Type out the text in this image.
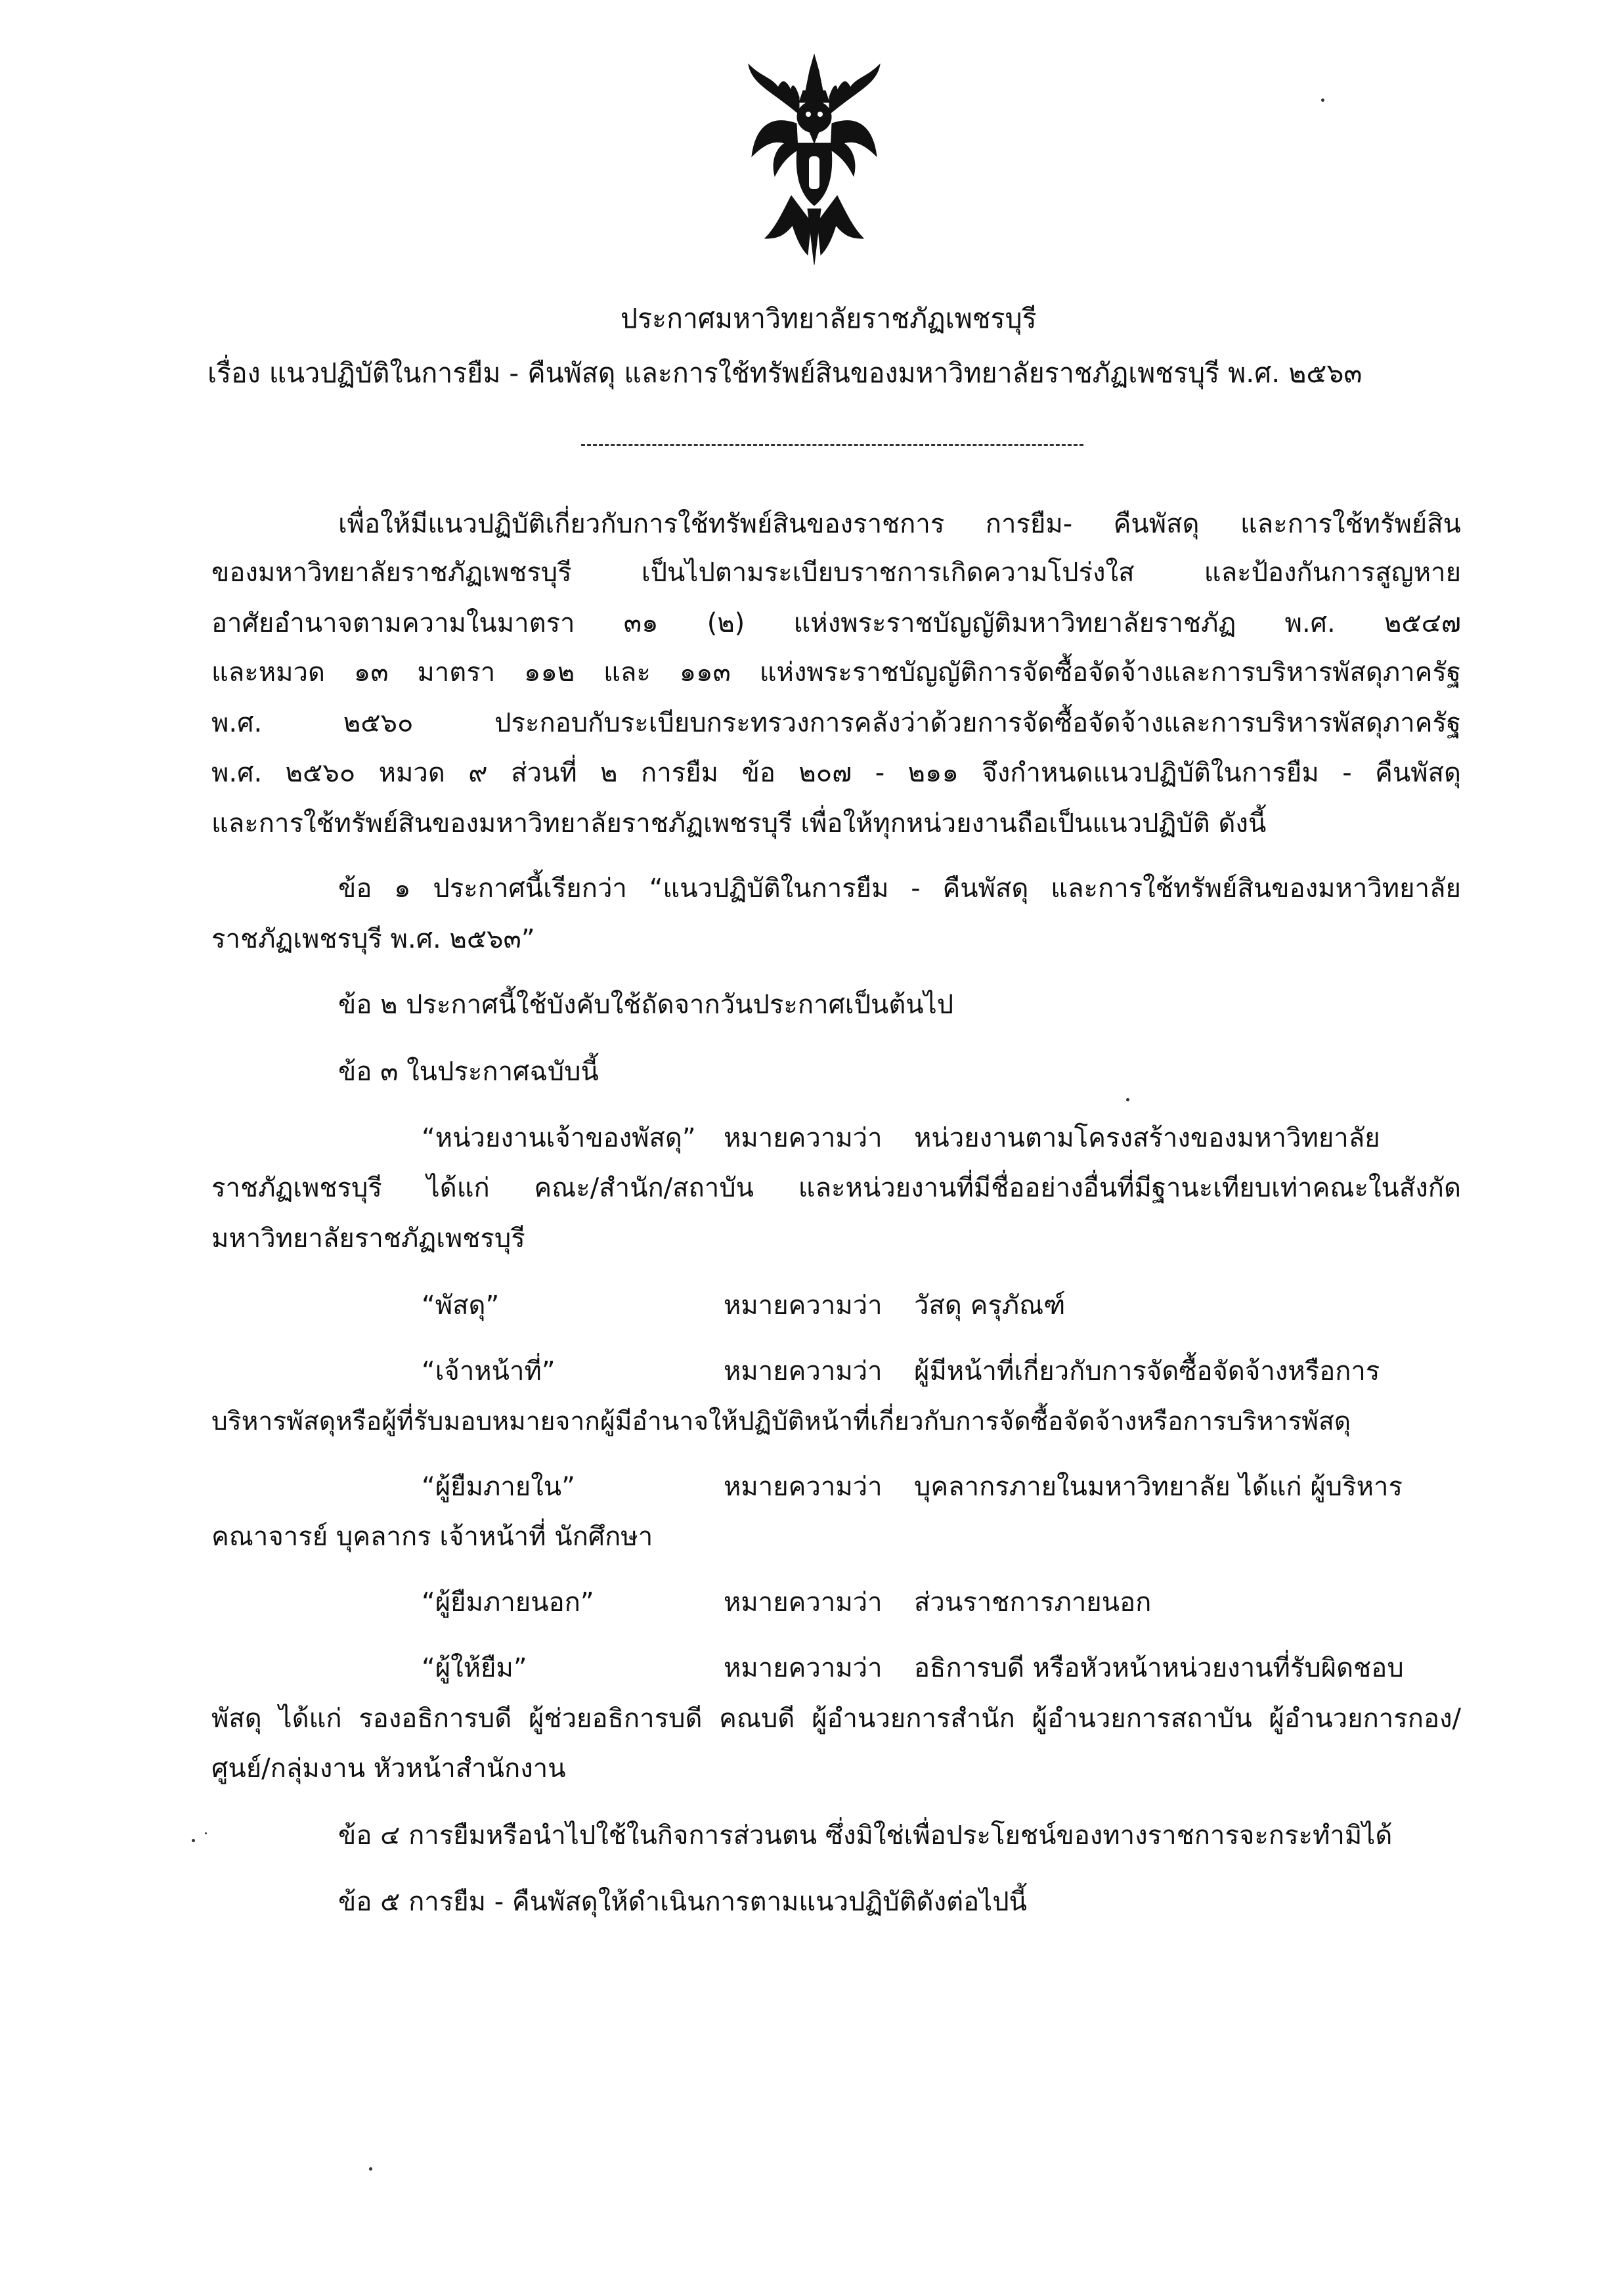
ประกาศมหาวิทยาลัยราชภัฏเพชรบุรี
เรื่อง แนวปฏิบัติในการยืม - คืนพัสดุ และการใช้ทรัพย์สินของมหาวิทยาลัยราชภัฏเพชรบุรี พ.ศ. ๒๕๖๓
เพื่อให้มีแนวปฏิบัติเกี่ยวกับการใช้ทรัพย์สินของราชการ การยืม- คืนพัสดุ และการใช้ทรัพย์สิน
ของมหาวิทยาลัยราชภัฏเพชรบุรี เป็นไปตามระเบียบราชการเกิดความโปร่งใส และป้องกันการสูญหาย
อาศัยอำนาจตามความในมาตรา ๓๑ (๒) แห่งพระราชบัญญัติมหาวิทยาลัยราชภัฏ พ.ศ. ๒๕๔๗
และหมวด ๑๓ มาตรา ๑๑๒ และ ๑๑๓ แห่งพระราชบัญญัติการจัดซื้อจัดจ้างและการบริหารพัสดุภาครัฐ
พ.ศ. ๒๕๖๐ ประกอบกับระเบียบกระทรวงการคลังว่าด้วยการจัดซื้อจัดจ้างและการบริหารพัสดุภาครัฐ
พ.ศ. ๒๕๖๐ หมวด ๙ ส่วนที่ ๒ การยืม ข้อ ๒๐๗ - ๒๑๑ จึงกำหนดแนวปฏิบัติในการยืม - คืนพัสดุ
และการใช้ทรัพย์สินของมหาวิทยาลัยราชภัฏเพชรบุรี เพื่อให้ทุกหน่วยงานถือเป็นแนวปฏิบัติ ดังนี้
ข้อ ๑ ประกาศนี้เรียกว่า “แนวปฏิบัติในการยืม - คืนพัสดุ และการใช้ทรัพย์สินของมหาวิทยาลัย
ราชภัฏเพชรบุรี พ.ศ. ๒๕๖๓”
ข้อ ๒ ประกาศนี้ใช้บังคับใช้ถัดจากวันประกาศเป็นต้นไป
ข้อ ๓ ในประกาศฉบับนี้
“หน่วยงานเจ้าของพัสดุ” หมายความว่า หน่วยงานตามโครงสร้างของมหาวิทยาลัย
ราชภัฏเพชรบุรี ได้แก่ คณะ/สำนัก/สถาบัน และหน่วยงานที่มีชื่ออย่างอื่นที่มีฐานะเทียบเท่าคณะในสังกัด
มหาวิทยาลัยราชภัฏเพชรบุรี
“พัสดุ”	หมายความว่า วัสดุ ครุภัณฑ์
“เจ้าหน้าที่”	หมายความว่า ผู้มีหน้าที่เกี่ยวกับการจัดซื้อจัดจ้างหรือการ
บริหารพัสดุหรือผู้ที่รับมอบหมายจากผู้มีอำนาจให้ปฏิบัติหน้าที่เกี่ยวกับการจัดซื้อจัดจ้างหรือการบริหารพัสดุ
“ผู้ยืมภายใน”	หมายความว่า บุคลากรภายในมหาวิทยาลัย ได้แก่ ผู้บริหาร
คณาจารย์ บุคลากร เจ้าหน้าที่ นักศึกษา
“ผู้ยืมภายนอก”	หมายความว่า ส่วนราชการภายนอก
“ผู้ให้ยืม”	หมายความว่า อธิการบดี หรือหัวหน้าหน่วยงานที่รับผิดชอบ
พัสดุ ได้แก่ รองอธิการบดี ผู้ช่วยอธิการบดี คณบดี ผู้อำนวยการสำนัก ผู้อำนวยการสถาบัน ผู้อำนวยการกอง/
ศูนย์/กลุ่มงาน หัวหน้าสำนักงาน
ข้อ ๔ การยืมหรือนำไปใช้ในกิจการส่วนตน ซึ่งมิใช่เพื่อประโยชน์ของทางราชการจะกระทำมิได้
ข้อ ๕ การยืม - คืนพัสดุให้ดำเนินการตามแนวปฏิบัติดังต่อไปนี้
